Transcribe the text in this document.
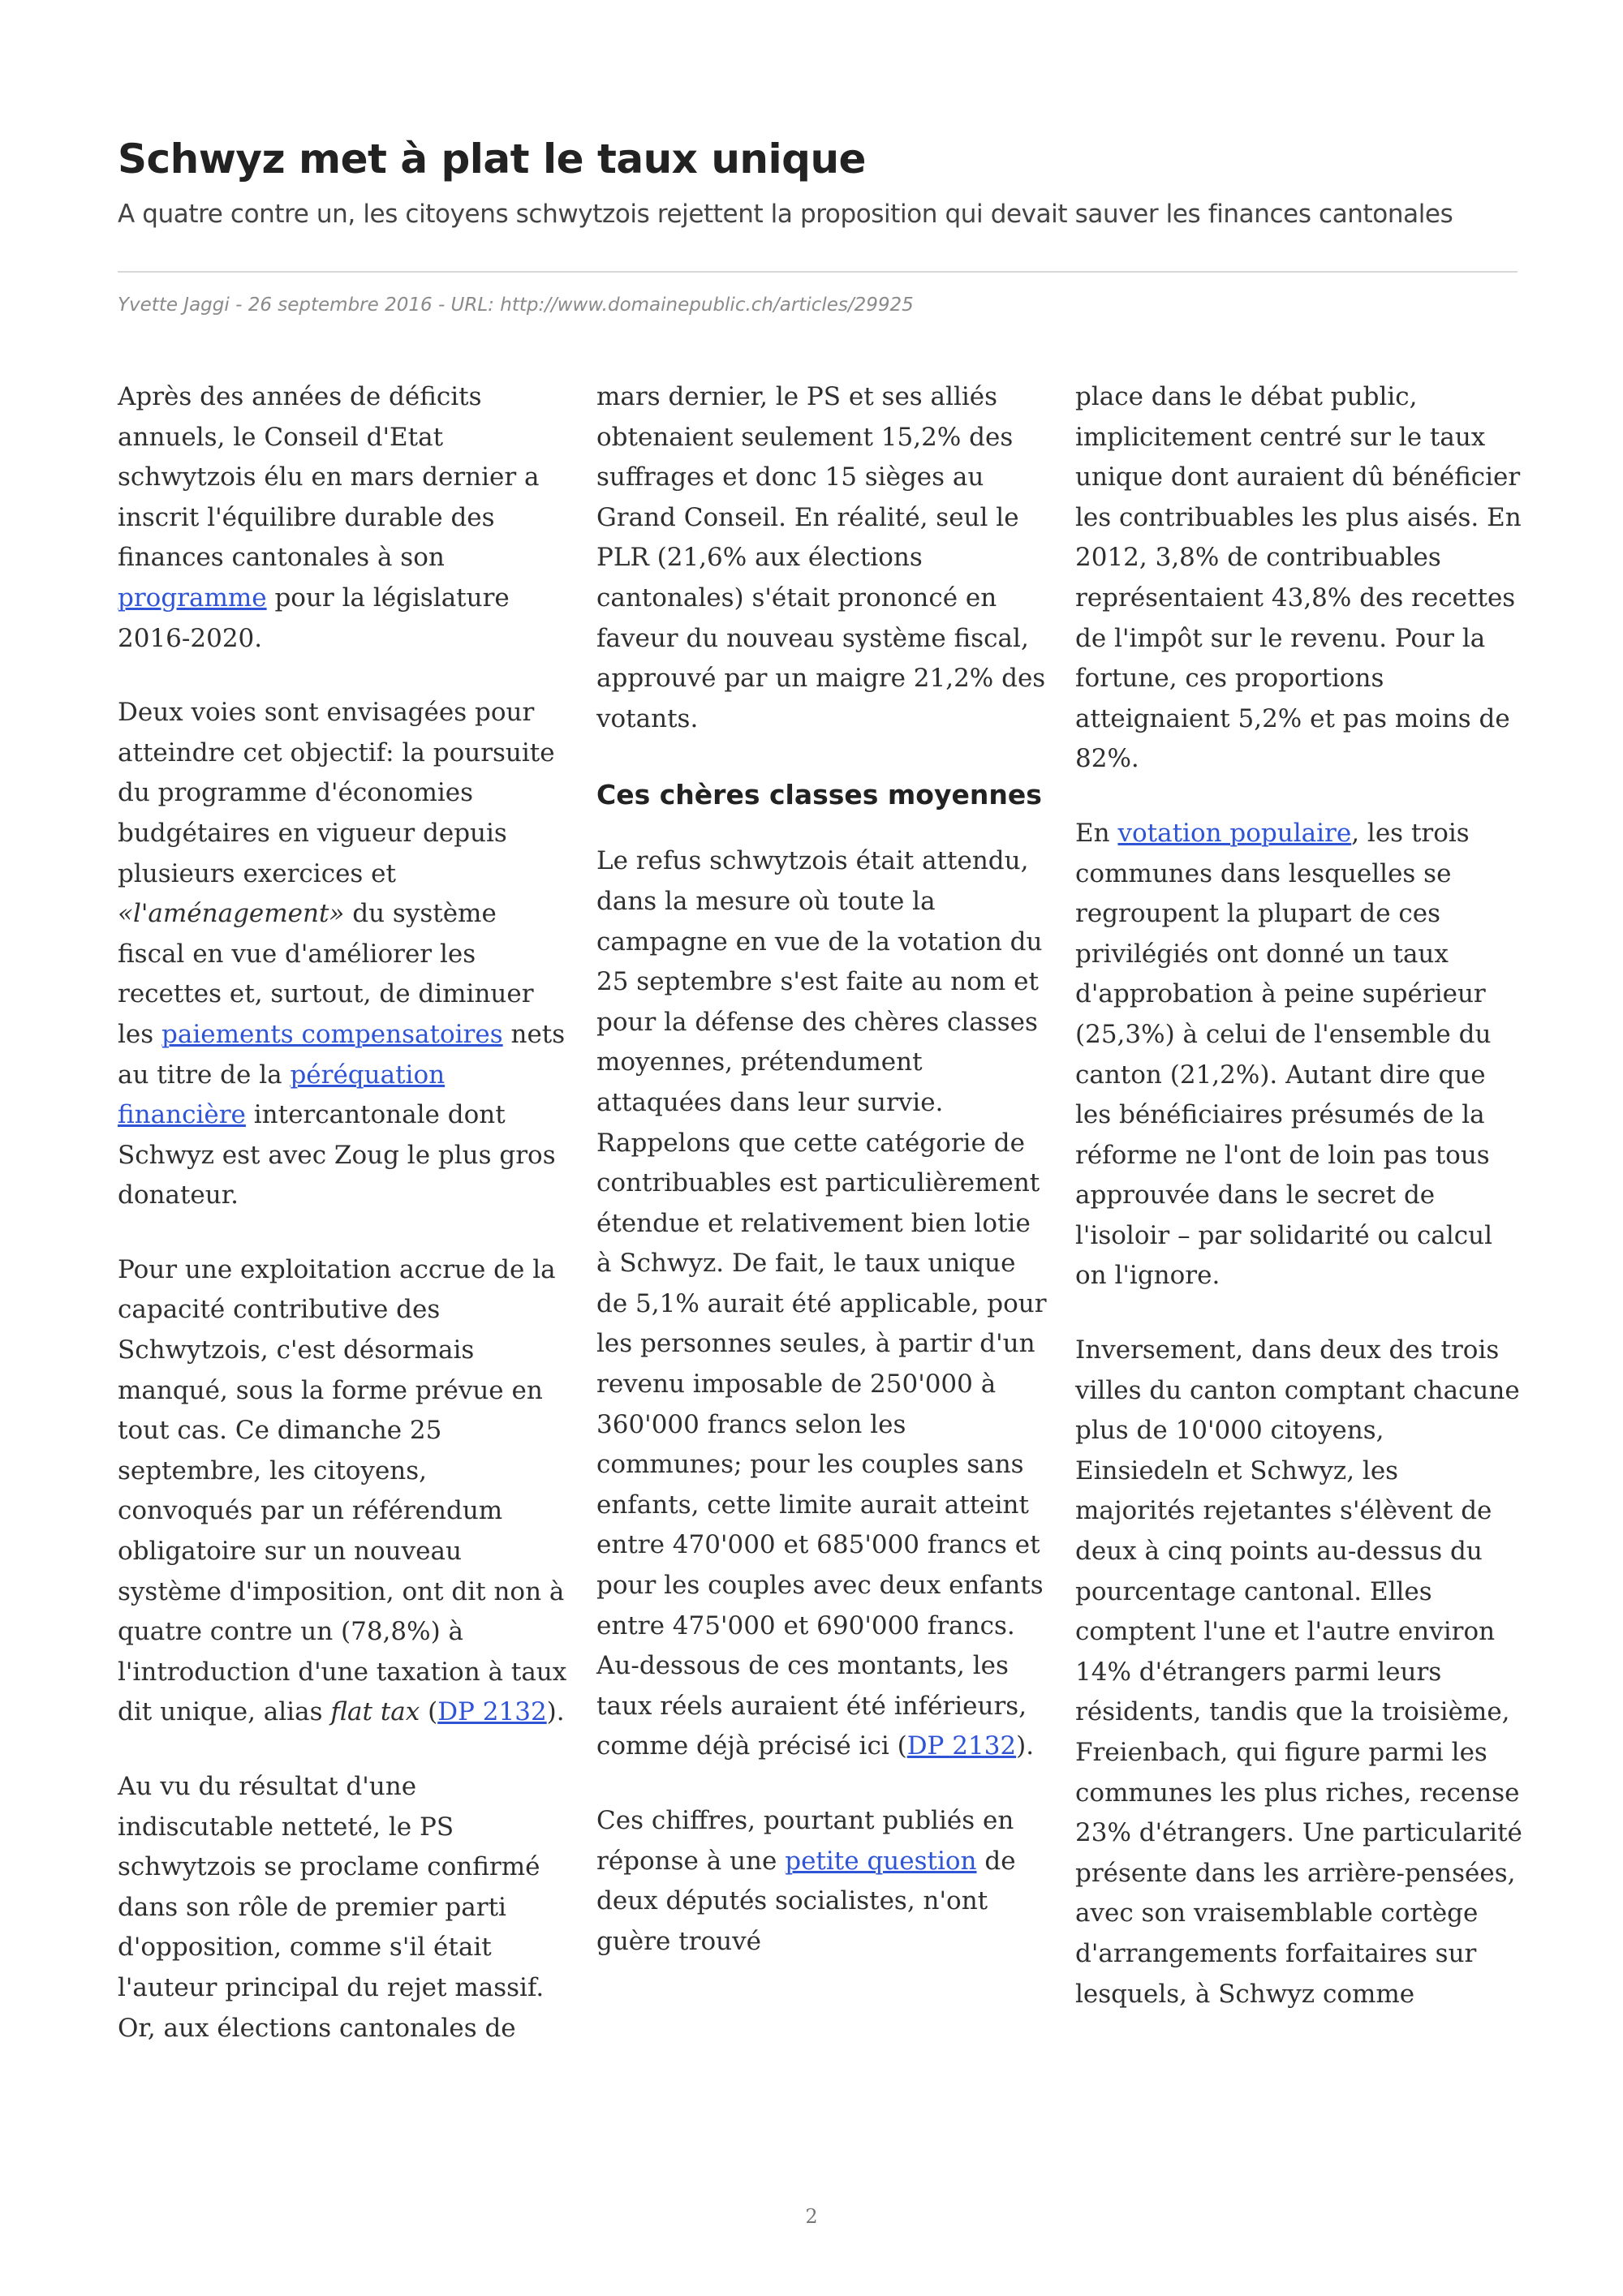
Schwyz met à plat le taux unique
A quatre contre un, les citoyens schwytzois rejettent la proposition qui devait sauver les finances cantonales
Yvette Jaggi - 26 septembre 2016 - URL: http://www.domainepublic.ch/articles/29925

Après des années de déficits annuels, le Conseil d'Etat schwytzois élu en mars dernier a inscrit l'équilibre durable des finances cantonales à son programme pour la législature 2016-2020.

Deux voies sont envisagées pour atteindre cet objectif: la poursuite du programme d'économies budgétaires en vigueur depuis plusieurs exercices et «l'aménagement» du système fiscal en vue d'améliorer les recettes et, surtout, de diminuer les paiements compensatoires nets au titre de la péréquation financière intercantonale dont Schwyz est avec Zoug le plus gros donateur.

Pour une exploitation accrue de la capacité contributive des Schwytzois, c'est désormais manqué, sous la forme prévue en tout cas. Ce dimanche 25 septembre, les citoyens, convoqués par un référendum obligatoire sur un nouveau système d'imposition, ont dit non à quatre contre un (78,8%) à l'introduction d'une taxation à taux dit unique, alias flat tax (DP 2132).

Au vu du résultat d'une indiscutable netteté, le PS schwytzois se proclame confirmé dans son rôle de premier parti d'opposition, comme s'il était l'auteur principal du rejet massif. Or, aux élections cantonales de

mars dernier, le PS et ses alliés obtenaient seulement 15,2% des suffrages et donc 15 sièges au Grand Conseil. En réalité, seul le PLR (21,6% aux élections cantonales) s'était prononcé en faveur du nouveau système fiscal, approuvé par un maigre 21,2% des votants.

Ces chères classes moyennes

Le refus schwytzois était attendu, dans la mesure où toute la campagne en vue de la votation du 25 septembre s'est faite au nom et pour la défense des chères classes moyennes, prétendument attaquées dans leur survie. Rappelons que cette catégorie de contribuables est particulièrement étendue et relativement bien lotie à Schwyz. De fait, le taux unique de 5,1% aurait été applicable, pour les personnes seules, à partir d'un revenu imposable de 250'000 à 360'000 francs selon les communes; pour les couples sans enfants, cette limite aurait atteint entre 470'000 et 685'000 francs et pour les couples avec deux enfants entre 475'000 et 690'000 francs. Au-dessous de ces montants, les taux réels auraient été inférieurs, comme déjà précisé ici (DP 2132).

Ces chiffres, pourtant publiés en réponse à une petite question de deux députés socialistes, n'ont guère trouvé

place dans le débat public, implicitement centré sur le taux unique dont auraient dû bénéficier les contribuables les plus aisés. En 2012, 3,8% de contribuables représentaient 43,8% des recettes de l'impôt sur le revenu. Pour la fortune, ces proportions atteignaient 5,2% et pas moins de 82%.

En votation populaire, les trois communes dans lesquelles se regroupent la plupart de ces privilégiés ont donné un taux d'approbation à peine supérieur (25,3%) à celui de l'ensemble du canton (21,2%). Autant dire que les bénéficiaires présumés de la réforme ne l'ont de loin pas tous approuvée dans le secret de l'isoloir – par solidarité ou calcul on l'ignore.

Inversement, dans deux des trois villes du canton comptant chacune plus de 10'000 citoyens, Einsiedeln et Schwyz, les majorités rejetantes s'élèvent de deux à cinq points au-dessus du pourcentage cantonal. Elles comptent l'une et l'autre environ 14% d'étrangers parmi leurs résidents, tandis que la troisième, Freienbach, qui figure parmi les communes les plus riches, recense 23% d'étrangers. Une particularité présente dans les arrière-pensées, avec son vraisemblable cortège d'arrangements forfaitaires sur lesquels, à Schwyz comme

2
